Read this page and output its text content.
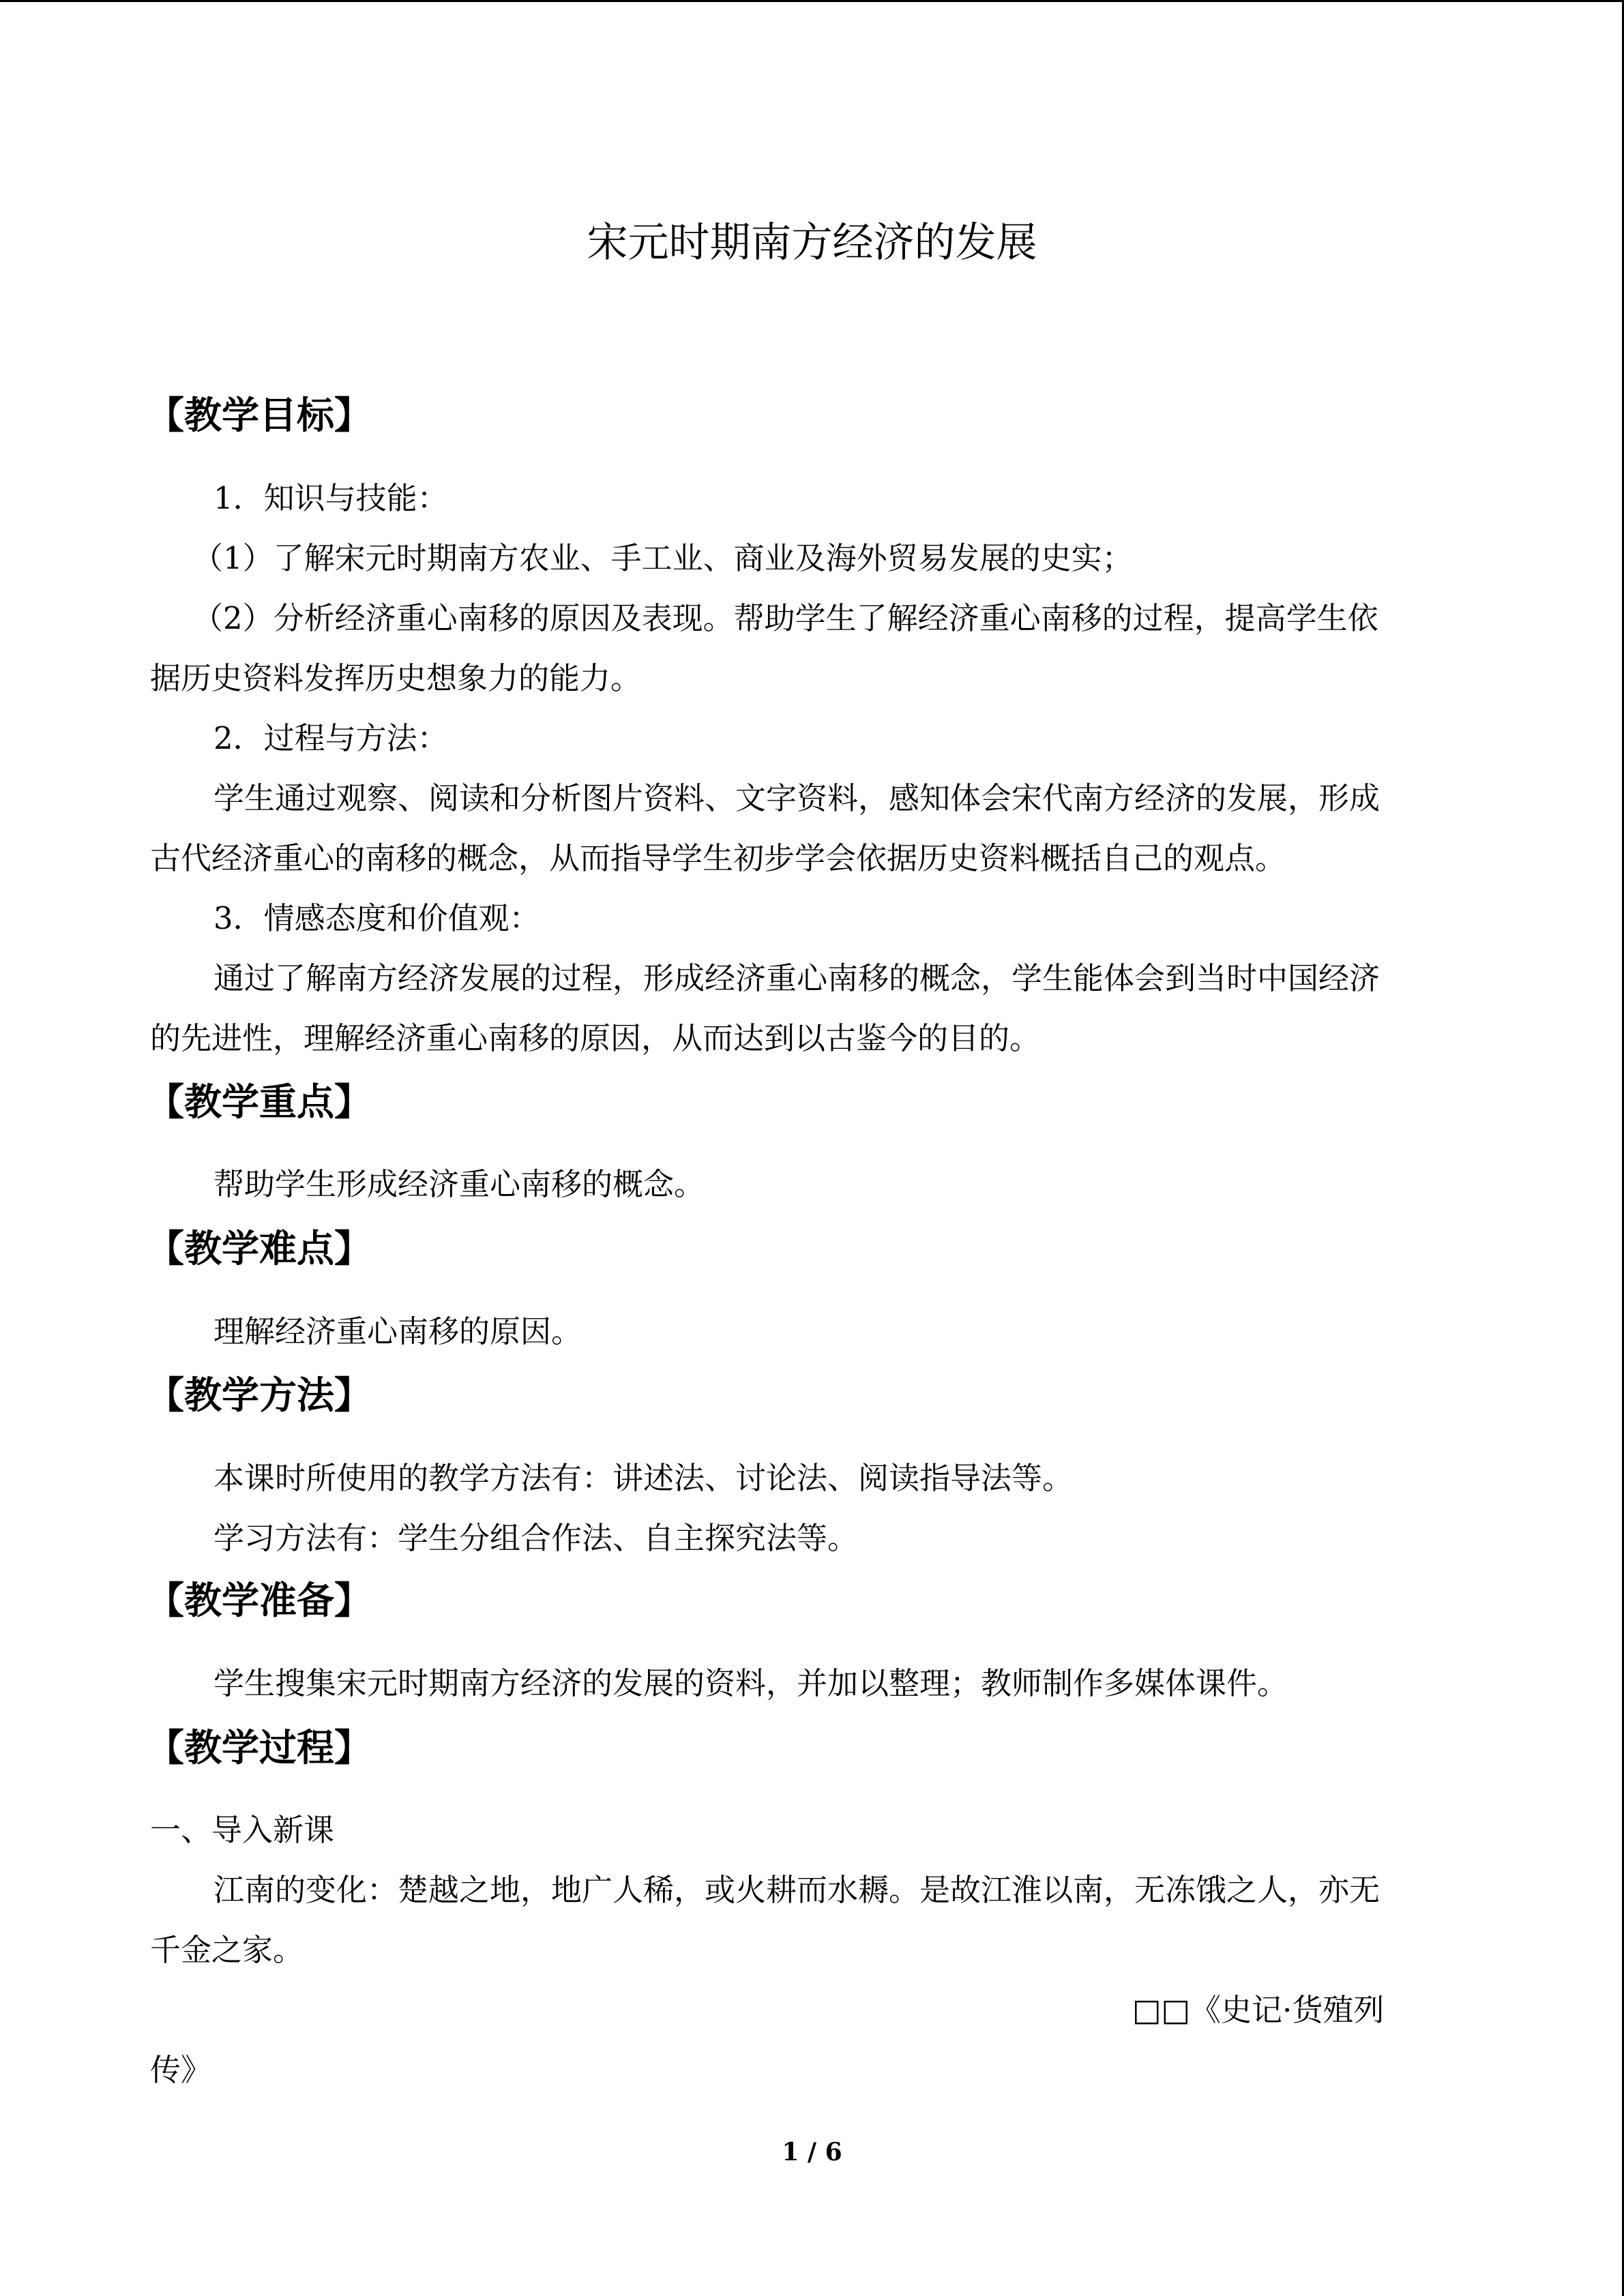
宋元时期南方经济的发展
【教学目标】
1．知识与技能：
（1）了解宋元时期南方农业、手工业、商业及海外贸易发展的史实；
（2）分析经济重心南移的原因及表现。帮助学生了解经济重心南移的过程，提高学生依
据历史资料发挥历史想象力的能力。
2．过程与方法：
学生通过观察、阅读和分析图片资料、文字资料，感知体会宋代南方经济的发展，形成
古代经济重心的南移的概念，从而指导学生初步学会依据历史资料概括自己的观点。
3．情感态度和价值观：
通过了解南方经济发展的过程，形成经济重心南移的概念，学生能体会到当时中国经济
的先进性，理解经济重心南移的原因，从而达到以古鉴今的目的。
【教学重点】
帮助学生形成经济重心南移的概念。
【教学难点】
理解经济重心南移的原因。
【教学方法】
本课时所使用的教学方法有：讲述法、讨论法、阅读指导法等。
学习方法有：学生分组合作法、自主探究法等。
【教学准备】
学生搜集宋元时期南方经济的发展的资料，并加以整理；教师制作多媒体课件。
【教学过程】
一、导入新课
江南的变化：楚越之地，地广人稀，或火耕而水耨。是故江淮以南，无冻饿之人，亦无
千金之家。
□□《史记·货殖列
传》
1 / 6
